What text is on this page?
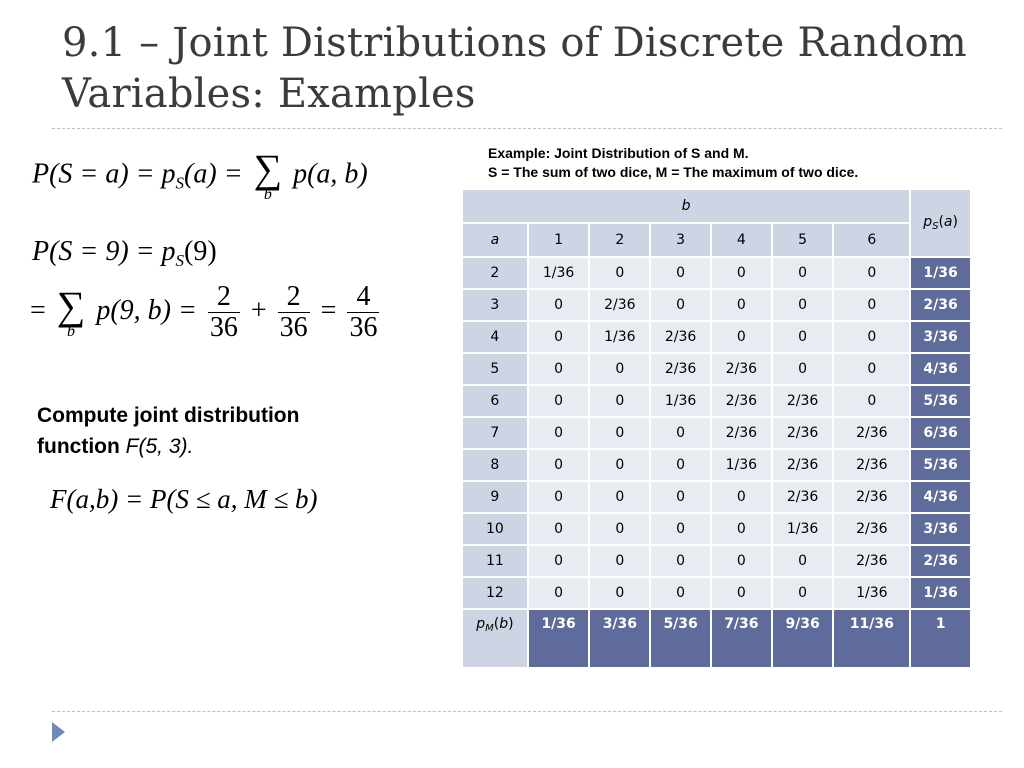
9.1 – Joint Distributions of Discrete Random Variables: Examples
$P(S = a) = p_S(a)$ = ∑
b
p(a, b)
$P(S = 9) = p_S(9)$
= ∑
b
p(9, $b) = \frac{2}{36} + \frac{2}{36} = \frac{4}{36}$
Compute joint distribution
function F(5, 3).
F(a,b) = P(S ≤ a, M ≤ b)
Example: Joint Distribution of S and M.
S = The sum of two dice, M = The maximum of two dice.
b							$p_S(a)$
a	1	2	3	4	5	6	
2	1/36	0	0	0	0	0	1/36
3	0	2/36	0	0	0	0	2/36
4	0	1/36	2/36	0	0	0	3/36
5	0	0	2/36	2/36	0	0	4/36
6	0	0	1/36	2/36	2/36	0	5/36
7	0	0	0	2/36	2/36	2/36	6/36
8	0	0	0	1/36	2/36	2/36	5/36
9	0	0	0	0	2/36	2/36	4/36
10	0	0	0	0	1/36	2/36	3/36
11	0	0	0	0	0	2/36	2/36
12	0	0	0	0	0	1/36	1/36
$p_M(b)$	1/36	3/36	5/36	7/36	9/36	11/36	1
